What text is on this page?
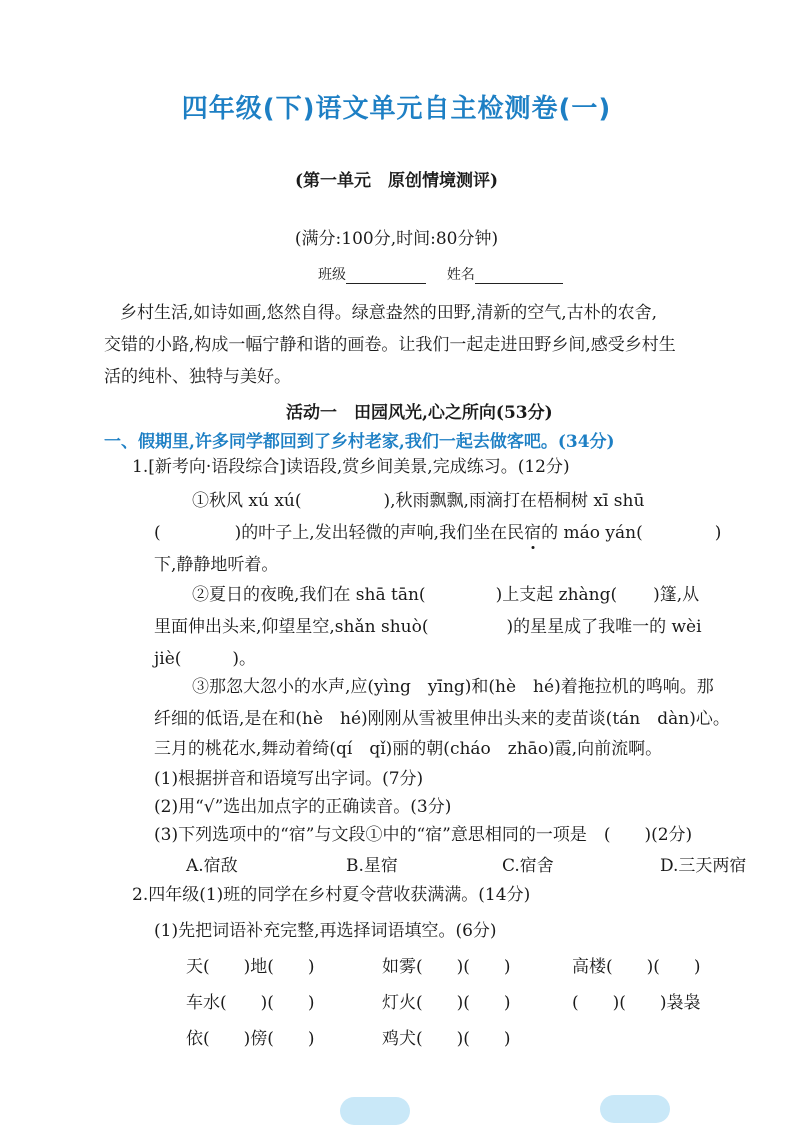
四年级(下)语文单元自主检测卷(一)
(第一单元　原创情境测评)
(满分:100分,时间:80分钟)
班级	姓名
乡村生活,如诗如画,悠然自得。绿意盎然的田野,清新的空气,古朴的农舍,
交错的小路,构成一幅宁静和谐的画卷。让我们一起走进田野乡间,感受乡村生
活的纯朴、独特与美好。
活动一　田园风光,心之所向(53分)
一、假期里,许多同学都回到了乡村老家,我们一起去做客吧。(34分)
1.[新考向·语段综合]读语段,赏乡间美景,完成练习。(12分)
①秋风 xú xú(	),秋雨飘飘,雨滴打在梧桐树 xī shū
(	)的叶子上,发出轻微的声响,我们坐在民宿的 máo yán(	)
下,静静地听着。
②夏日的夜晚,我们在 shā tān(	)上支起 zhàng( )篷,从
里面伸出头来,仰望星空,shǎn shuò(	)的星星成了我唯一的 wèi
jiè(　　　)。
③那忽大忽小的水声,应(yìng　yīng)和(hè　hé)着拖拉机的鸣响。那
纤细的低语,是在和(hè　hé)刚刚从雪被里伸出头来的麦苗谈(tán　dàn)心。
三月的桃花水,舞动着绮(qí　qǐ)丽的朝(cháo　zhāo)霞,向前流啊。
(1)根据拼音和语境写出字词。(7分)
(2)用“√”选出加点字的正确读音。(3分)
(3)下列选项中的“宿”与文段①中的“宿”意思相同的一项是　(　　)(2分)
A.宿敌	B.星宿	C.宿舍	D.三天两宿
2.四年级(1)班的同学在乡村夏令营收获满满。(14分)
(1)先把词语补充完整,再选择词语填空。(6分)
天(　　)地(　　)	如雾(　　)(　　)	高楼(　　)(　　)
车水(　　)(　　)	灯火(　　)(　　)	(　　)(　　)袅袅
依(　　)傍(　　)	鸡犬(　　)(　　)
